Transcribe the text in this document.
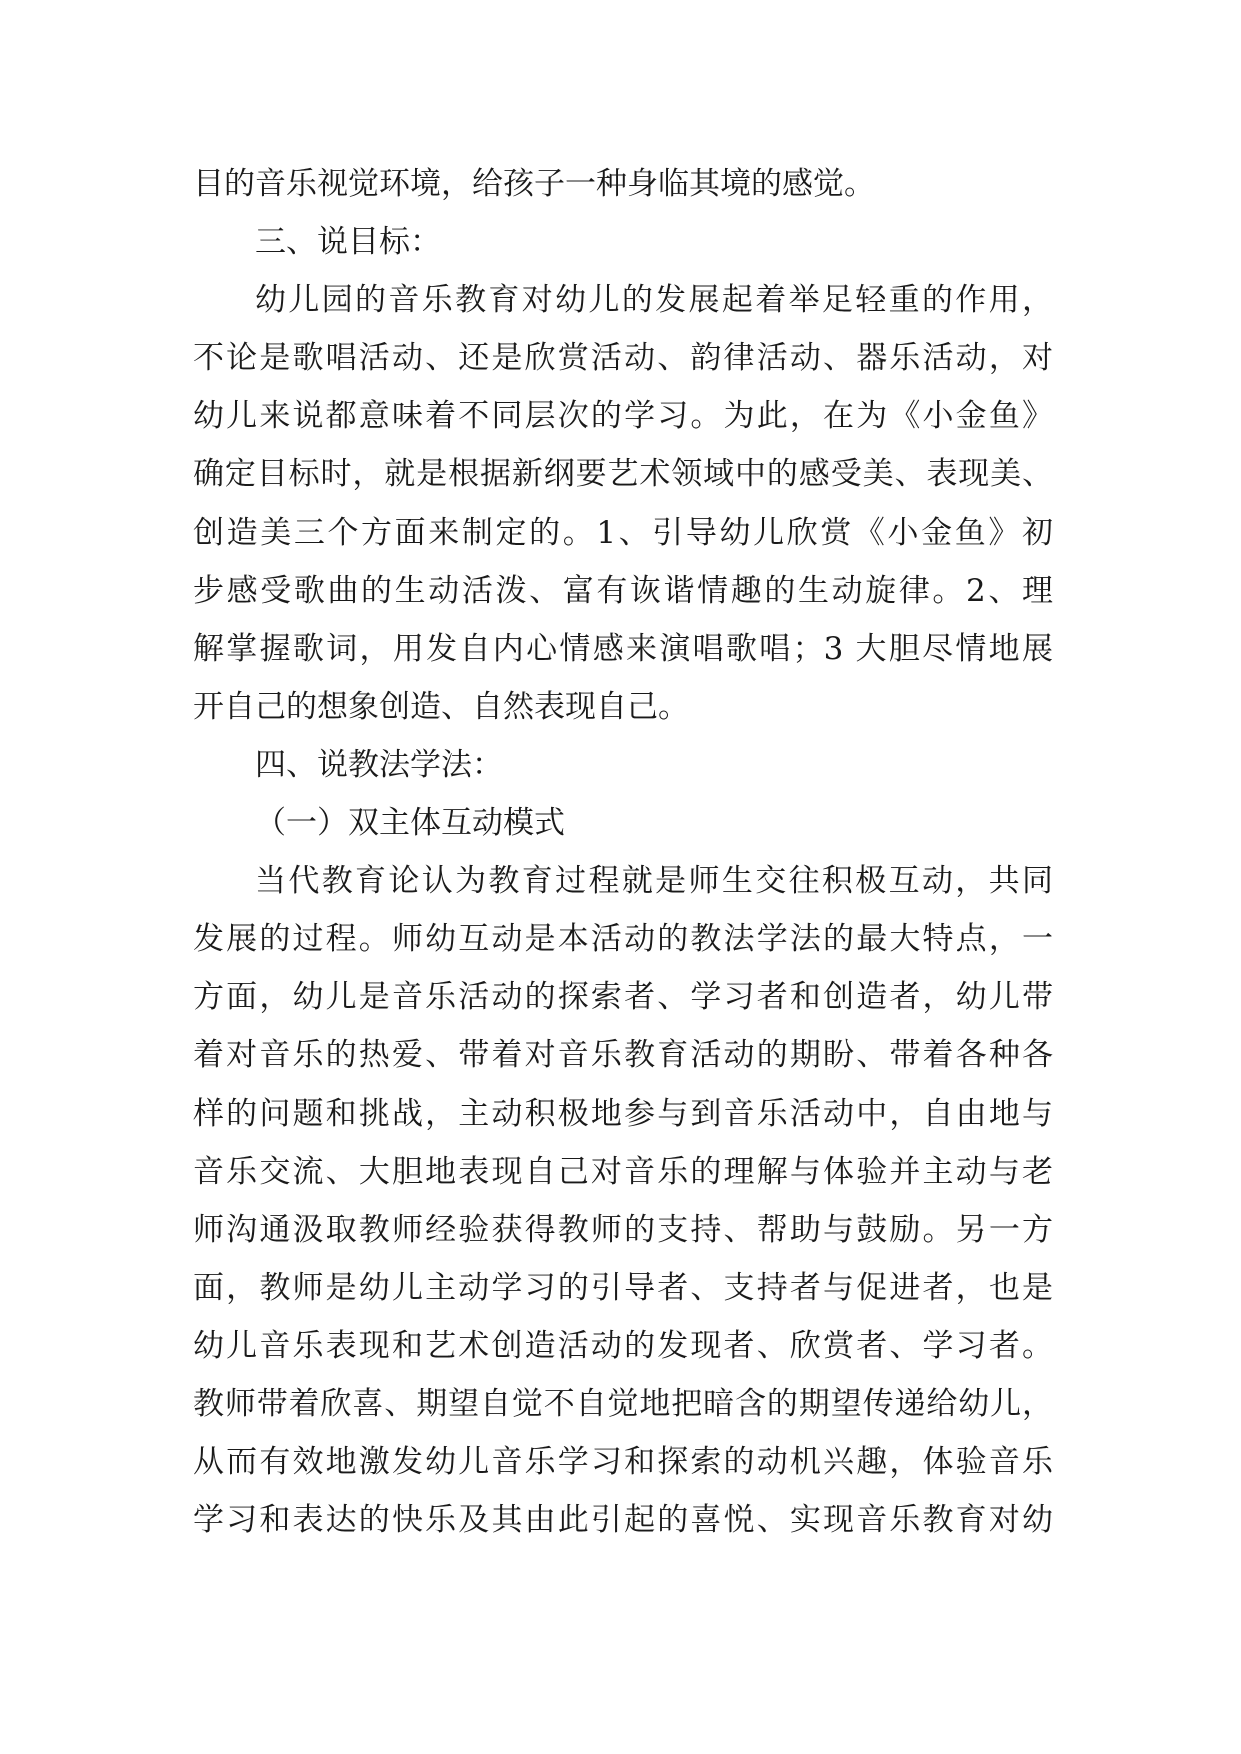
目的音乐视觉环境，给孩子一种身临其境的感觉。
三、说目标：
幼儿园的音乐教育对幼儿的发展起着举足轻重的作用，
不论是歌唱活动、还是欣赏活动、韵律活动、器乐活动，对
幼儿来说都意味着不同层次的学习。为此，在为《小金鱼》
确定目标时，就是根据新纲要艺术领域中的感受美、表现美、
创造美三个方面来制定的。1、引导幼儿欣赏《小金鱼》初
步感受歌曲的生动活泼、富有诙谐情趣的生动旋律。2、理
解掌握歌词，用发自内心情感来演唱歌唱；3 大胆尽情地展
开自己的想象创造、自然表现自己。
四、说教法学法：
（一）双主体互动模式
当代教育论认为教育过程就是师生交往积极互动，共同
发展的过程。师幼互动是本活动的教法学法的最大特点，一
方面，幼儿是音乐活动的探索者、学习者和创造者，幼儿带
着对音乐的热爱、带着对音乐教育活动的期盼、带着各种各
样的问题和挑战，主动积极地参与到音乐活动中，自由地与
音乐交流、大胆地表现自己对音乐的理解与体验并主动与老
师沟通汲取教师经验获得教师的支持、帮助与鼓励。另一方
面，教师是幼儿主动学习的引导者、支持者与促进者，也是
幼儿音乐表现和艺术创造活动的发现者、欣赏者、学习者。
教师带着欣喜、期望自觉不自觉地把暗含的期望传递给幼儿，
从而有效地激发幼儿音乐学习和探索的动机兴趣，体验音乐
学习和表达的快乐及其由此引起的喜悦、实现音乐教育对幼
